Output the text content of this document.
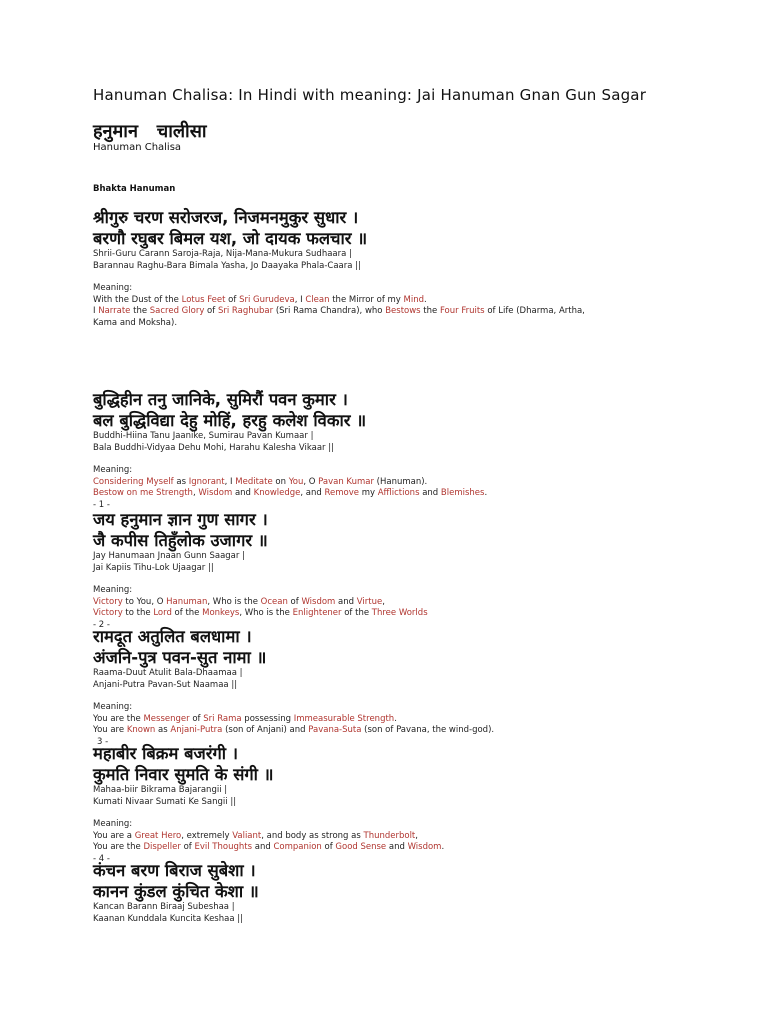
Hanuman Chalisa: In Hindi with meaning: Jai Hanuman Gnan Gun Sagar
हनुमान   चालीसा
Hanuman Chalisa
Bhakta Hanuman
श्रीगुरु चरण सरोजरज, निजमनमुकुर सुधार ।
बरणौ रघुबर बिमल यश, जो दायक फलचार ॥
Shrii-Guru Carann Saroja-Raja, Nija-Mana-Mukura Sudhaara |
Barannau Raghu-Bara Bimala Yasha, Jo Daayaka Phala-Caara ||
Meaning:
With the Dust of the Lotus Feet of Sri Gurudeva, I Clean the Mirror of my Mind.
I Narrate the Sacred Glory of Sri Raghubar (Sri Rama Chandra), who Bestows the Four Fruits of Life (Dharma, Artha,
Kama and Moksha).
बुद्धिहीन तनु जानिके, सुमिरौं पवन कुमार ।
बल बुद्धिविद्या देहु मोहिं, हरहु कलेश विकार ॥
Buddhi-Hiina Tanu Jaanike, Sumirau Pavan Kumaar |
Bala Buddhi-Vidyaa Dehu Mohi, Harahu Kalesha Vikaar ||
Meaning:
Considering Myself as Ignorant, I Meditate on You, O Pavan Kumar (Hanuman).
Bestow on me Strength, Wisdom and Knowledge, and Remove my Afflictions and Blemishes.
- 1 -
जय हनुमान ज्ञान गुण सागर ।
जै कपीस तिहुँलोक उजागर ॥
Jay Hanumaan Jnaan Gunn Saagar |
Jai Kapiis Tihu-Lok Ujaagar ||
Meaning:
Victory to You, O Hanuman, Who is the Ocean of Wisdom and Virtue,
Victory to the Lord of the Monkeys, Who is the Enlightener of the Three Worlds
- 2 -
रामदूत अतुलित बलधामा ।
अंजनि-पुत्र पवन-सुत नामा ॥
Raama-Duut Atulit Bala-Dhaamaa |
Anjani-Putra Pavan-Sut Naamaa ||
Meaning:
You are the Messenger of Sri Rama possessing Immeasurable Strength.
You are Known as Anjani-Putra (son of Anjani) and Pavana-Suta (son of Pavana, the wind-god).
3 -
महाबीर बिक्रम बजरंगी ।
कुमति निवार सुमति के संगी ॥
Mahaa-biir Bikrama Bajarangii |
Kumati Nivaar Sumati Ke Sangii ||
Meaning:
You are a Great Hero, extremely Valiant, and body as strong as Thunderbolt,
You are the Dispeller of Evil Thoughts and Companion of Good Sense and Wisdom.
- 4 -
कंचन बरण बिराज सुबेशा ।
कानन कुंडल कुंचित केशा ॥
Kancan Barann Biraaj Subeshaa |
Kaanan Kunddala Kuncita Keshaa ||
